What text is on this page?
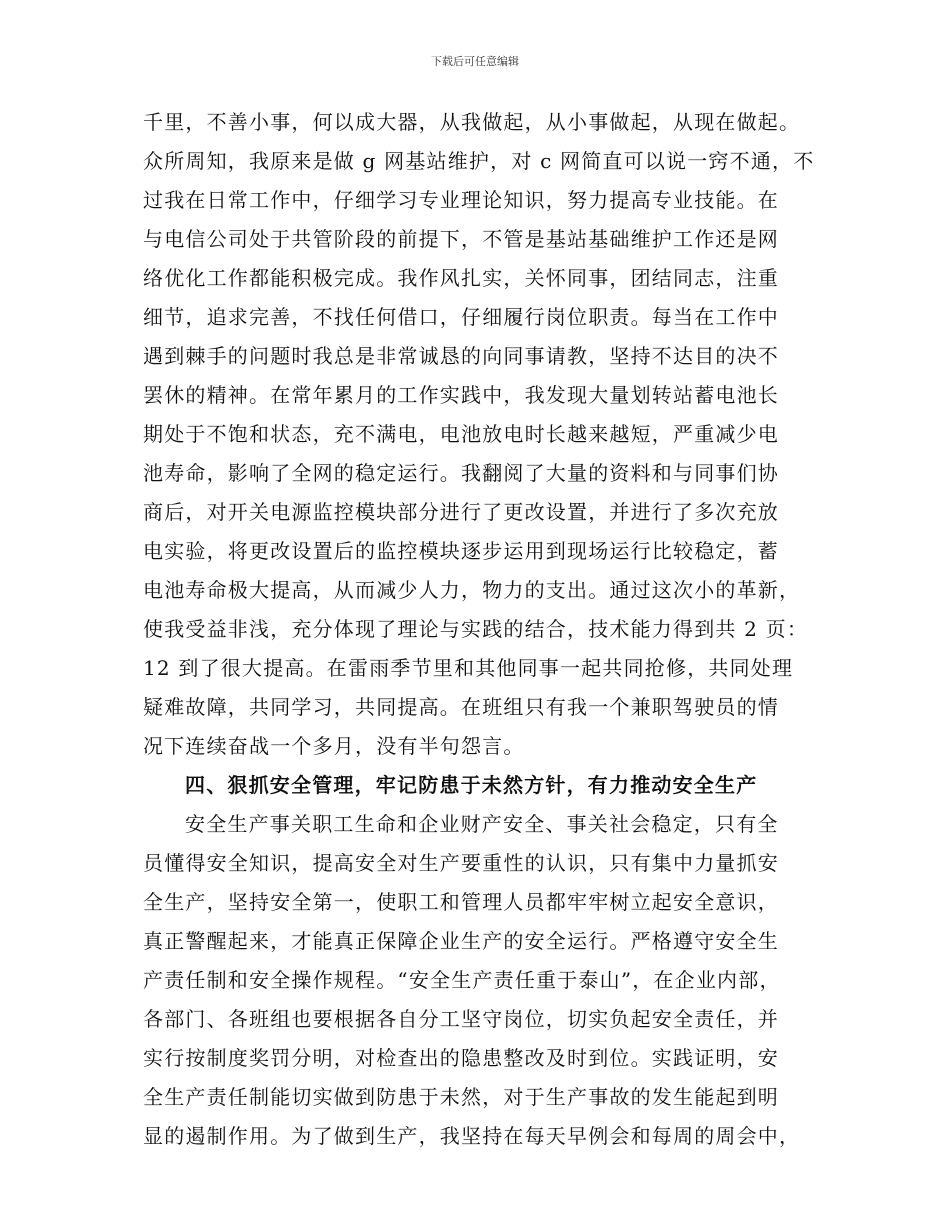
下载后可任意编辑
千里，不善小事，何以成大器，从我做起，从小事做起，从现在做起。
众所周知，我原来是做 g 网基站维护，对 c 网简直可以说一窍不通，不
过我在日常工作中，仔细学习专业理论知识，努力提高专业技能。在
与电信公司处于共管阶段的前提下，不管是基站基础维护工作还是网
络优化工作都能积极完成。我作风扎实，关怀同事，团结同志，注重
细节，追求完善，不找任何借口，仔细履行岗位职责。每当在工作中
遇到棘手的问题时我总是非常诚恳的向同事请教，坚持不达目的决不
罢休的精神。在常年累月的工作实践中，我发现大量划转站蓄电池长
期处于不饱和状态，充不满电，电池放电时长越来越短，严重减少电
池寿命，影响了全网的稳定运行。我翻阅了大量的资料和与同事们协
商后，对开关电源监控模块部分进行了更改设置，并进行了多次充放
电实验，将更改设置后的监控模块逐步运用到现场运行比较稳定，蓄
电池寿命极大提高，从而减少人力，物力的支出。通过这次小的革新，
使我受益非浅，充分体现了理论与实践的结合，技术能力得到共 2 页：
12 到了很大提高。在雷雨季节里和其他同事一起共同抢修，共同处理
疑难故障，共同学习，共同提高。在班组只有我一个兼职驾驶员的情
况下连续奋战一个多月，没有半句怨言。
四、狠抓安全管理，牢记防患于未然方针，有力推动安全生产
安全生产事关职工生命和企业财产安全、事关社会稳定，只有全
员懂得安全知识，提高安全对生产要重性的认识，只有集中力量抓安
全生产，坚持安全第一，使职工和管理人员都牢牢树立起安全意识，
真正警醒起来，才能真正保障企业生产的安全运行。严格遵守安全生
产责任制和安全操作规程。“安全生产责任重于泰山”，在企业内部，
各部门、各班组也要根据各自分工坚守岗位，切实负起安全责任，并
实行按制度奖罚分明，对检查出的隐患整改及时到位。实践证明，安
全生产责任制能切实做到防患于未然，对于生产事故的发生能起到明
显的遏制作用。为了做到生产，我坚持在每天早例会和每周的周会中，
